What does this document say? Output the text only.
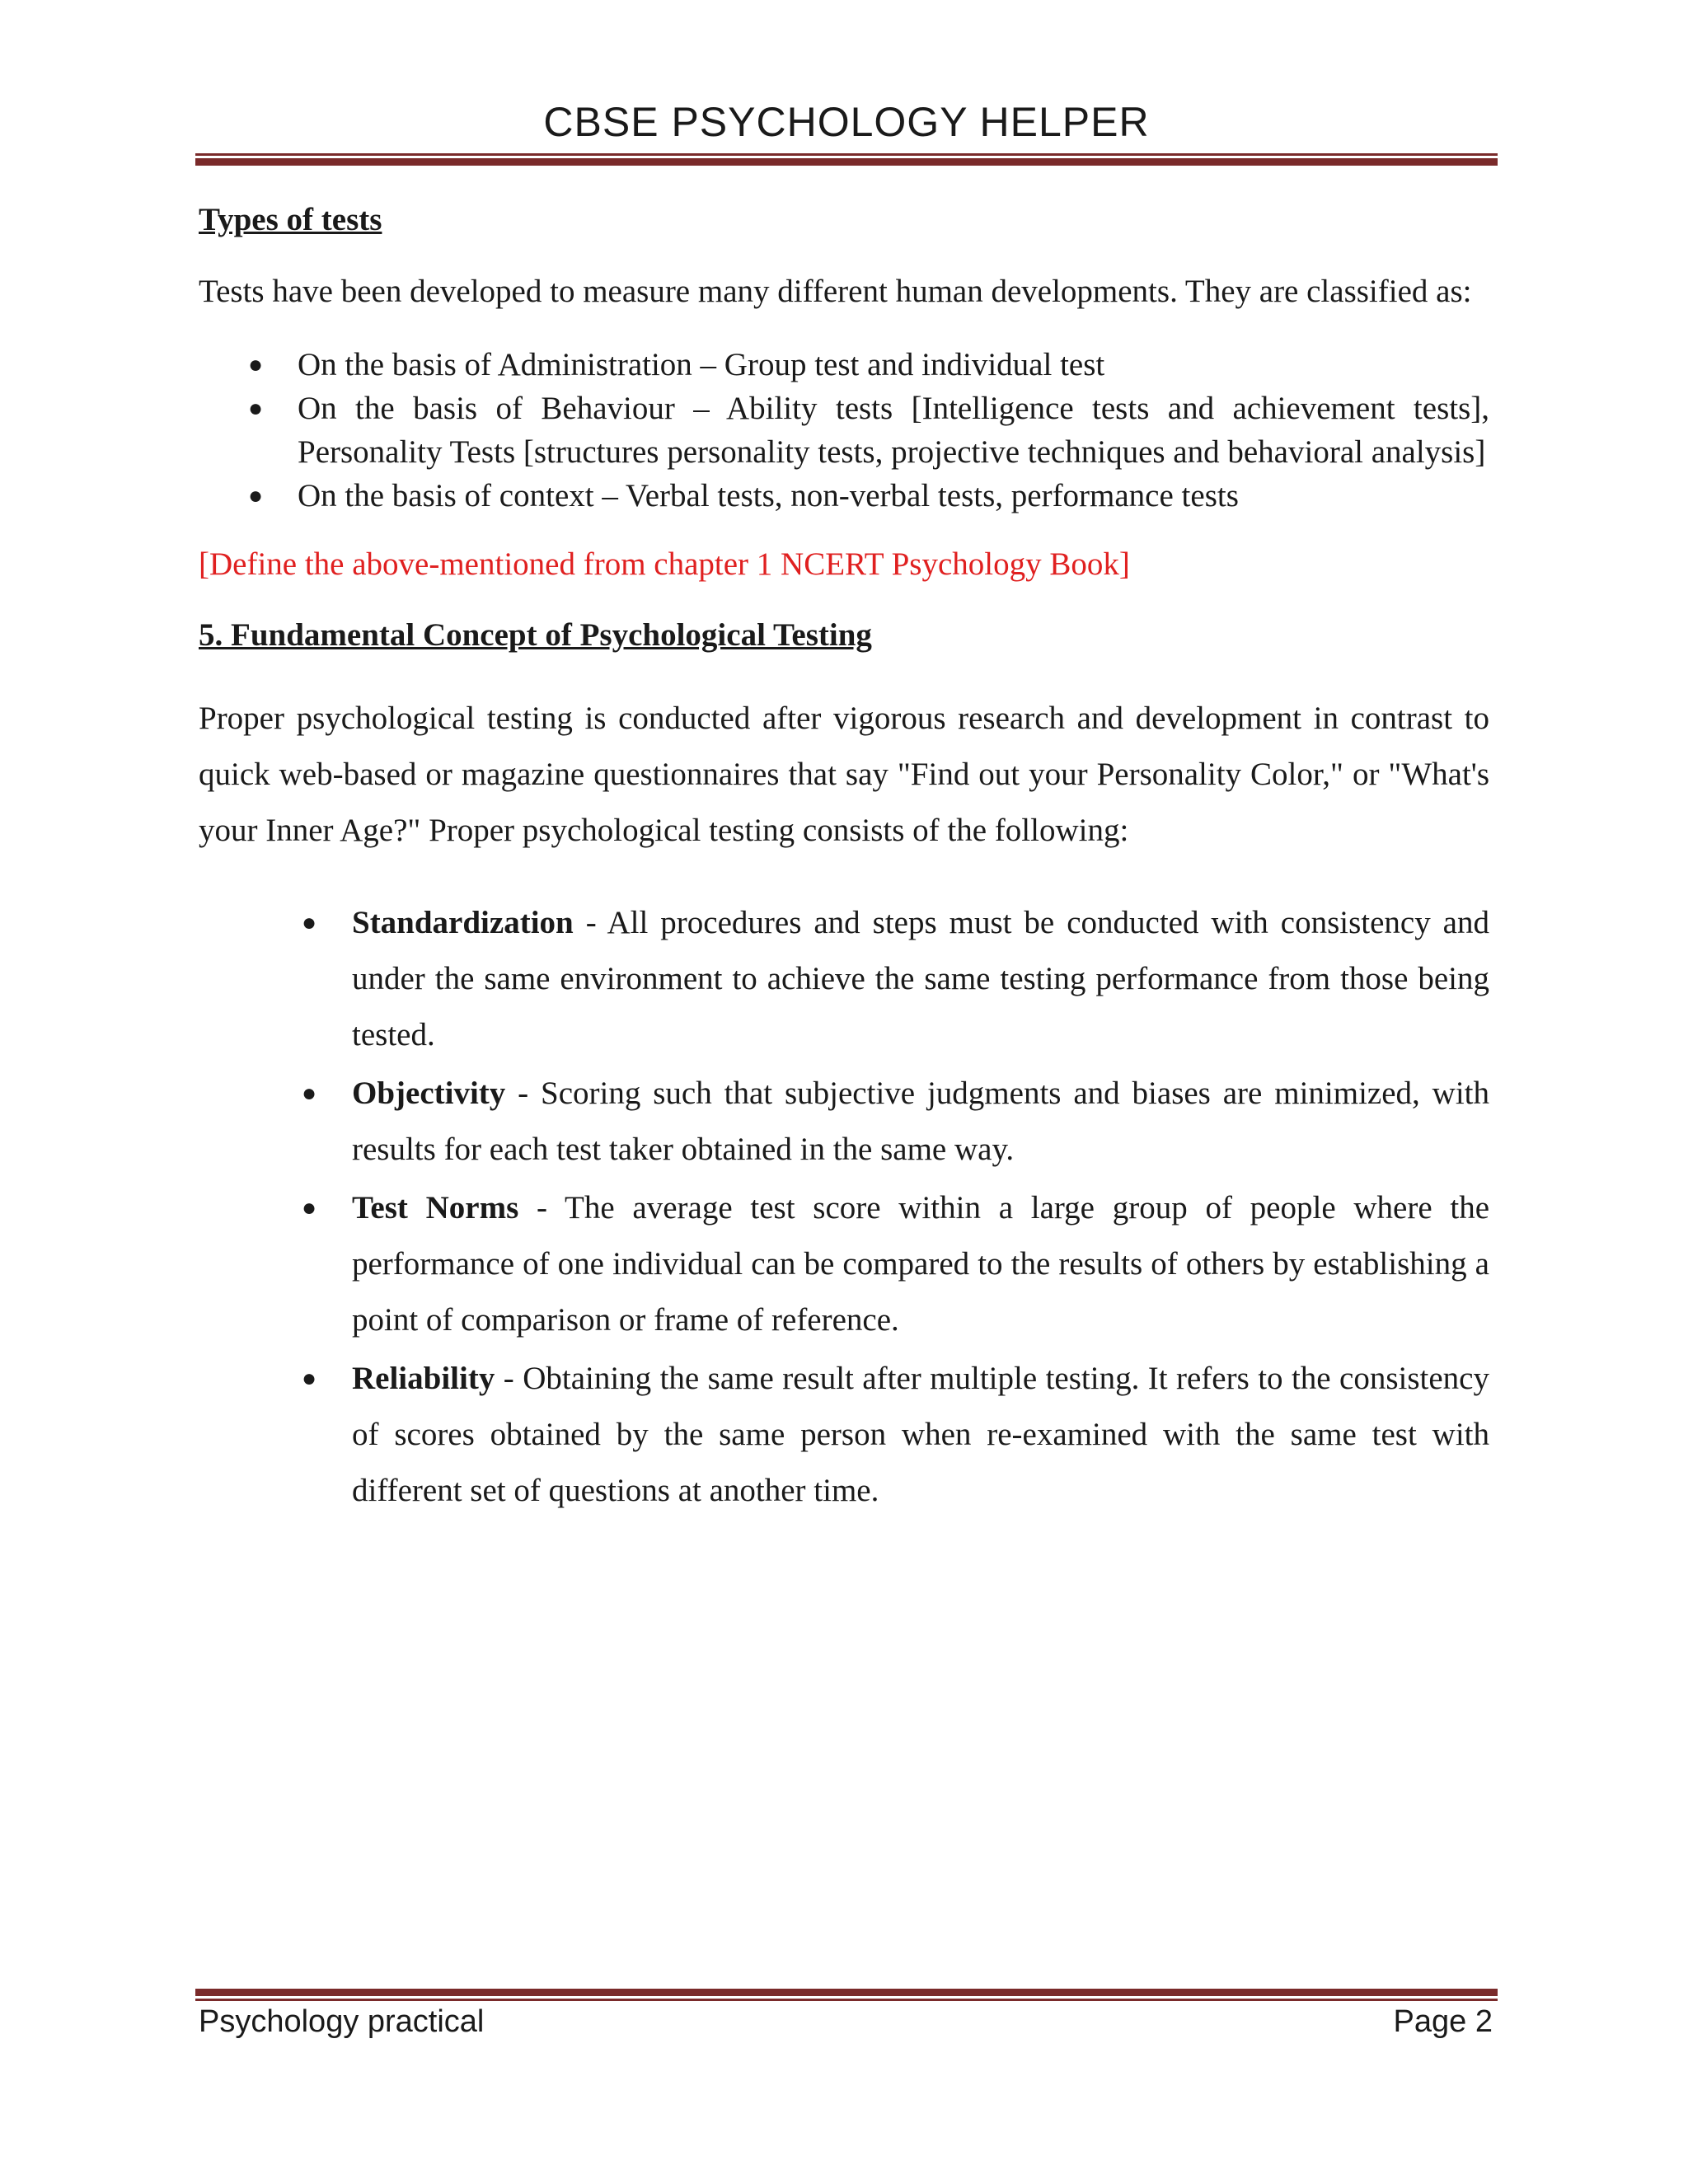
CBSE PSYCHOLOGY HELPER

Types of tests

Tests have been developed to measure many different human developments. They are classified as:

● On the basis of Administration – Group test and individual test
● On the basis of Behaviour – Ability tests [Intelligence tests and achievement tests], Personality Tests [structures personality tests, projective techniques and behavioral analysis]
● On the basis of context – Verbal tests, non-verbal tests, performance tests

[Define the above-mentioned from chapter 1 NCERT Psychology Book]

5. Fundamental Concept of Psychological Testing

Proper psychological testing is conducted after vigorous research and development in contrast to quick web-based or magazine questionnaires that say "Find out your Personality Color," or "What's your Inner Age?" Proper psychological testing consists of the following:

● Standardization - All procedures and steps must be conducted with consistency and under the same environment to achieve the same testing performance from those being tested.
● Objectivity - Scoring such that subjective judgments and biases are minimized, with results for each test taker obtained in the same way.
● Test Norms - The average test score within a large group of people where the performance of one individual can be compared to the results of others by establishing a point of comparison or frame of reference.
● Reliability - Obtaining the same result after multiple testing. It refers to the consistency of scores obtained by the same person when re-examined with the same test with different set of questions at another time.
Psychology practical	Page 2
